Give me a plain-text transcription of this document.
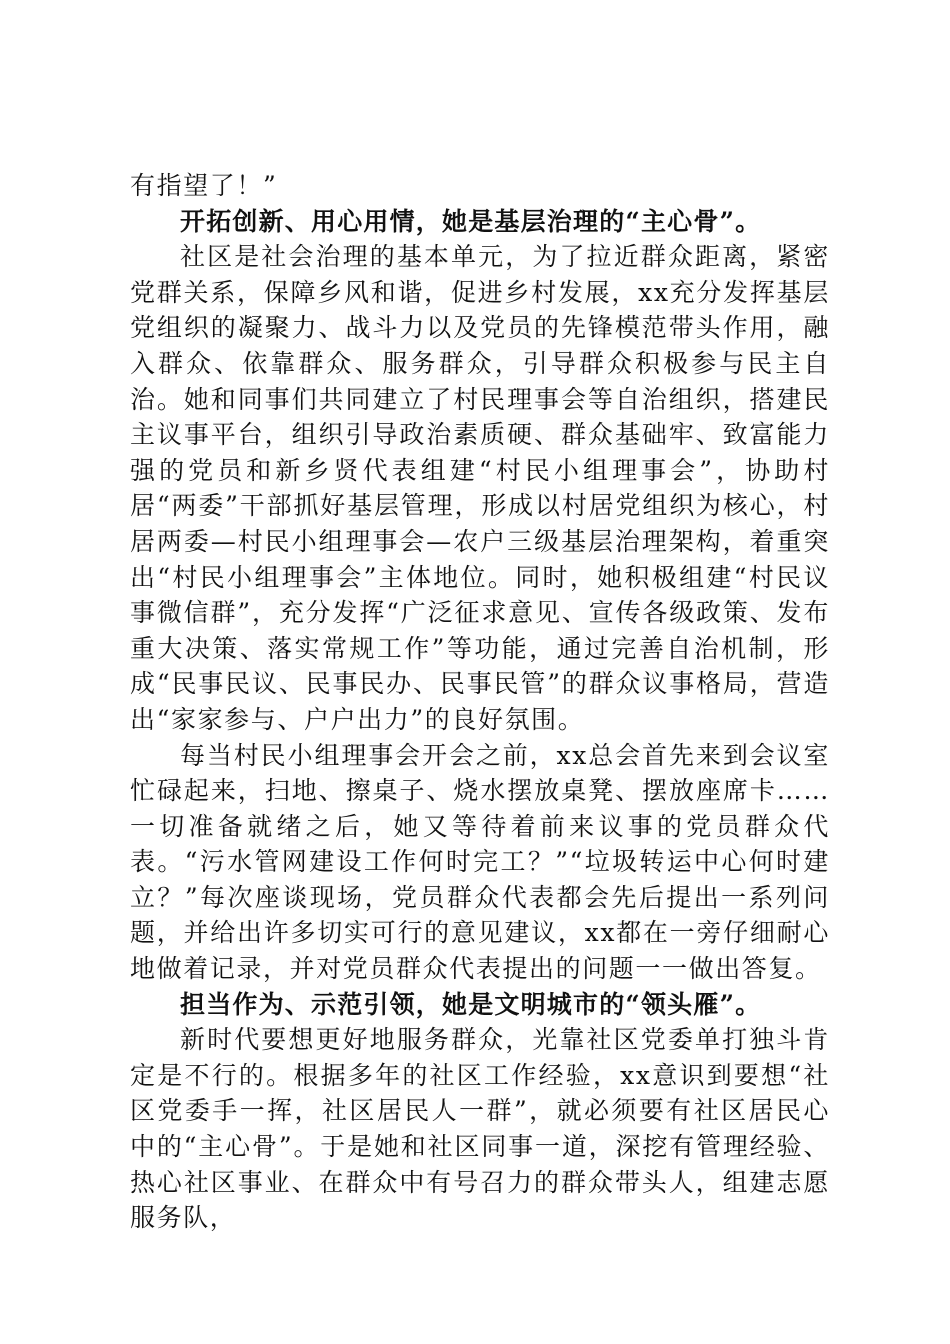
有指望了！”

开拓创新、用心用情，她是基层治理的“主心骨”。

社区是社会治理的基本单元，为了拉近群众距离，紧密党群关系，保障乡风和谐，促进乡村发展，xx充分发挥基层党组织的凝聚力、战斗力以及党员的先锋模范带头作用，融入群众、依靠群众、服务群众，引导群众积极参与民主自治。她和同事们共同建立了村民理事会等自治组织，搭建民主议事平台，组织引导政治素质硬、群众基础牢、致富能力强的党员和新乡贤代表组建“村民小组理事会”，协助村居“两委”干部抓好基层管理，形成以村居党组织为核心，村居两委—村民小组理事会—农户三级基层治理架构，着重突出“村民小组理事会”主体地位。同时，她积极组建“村民议事微信群”，充分发挥“广泛征求意见、宣传各级政策、发布重大决策、落实常规工作”等功能，通过完善自治机制，形成“民事民议、民事民办、民事民管”的群众议事格局，营造出“家家参与、户户出力”的良好氛围。

每当村民小组理事会开会之前，xx总会首先来到会议室忙碌起来，扫地、擦桌子、烧水摆放桌凳、摆放座席卡……一切准备就绪之后，她又等待着前来议事的党员群众代表。“污水管网建设工作何时完工？”“垃圾转运中心何时建立？”每次座谈现场，党员群众代表都会先后提出一系列问题，并给出许多切实可行的意见建议，xx都在一旁仔细耐心地做着记录，并对党员群众代表提出的问题一一做出答复。

担当作为、示范引领，她是文明城市的“领头雁”。

新时代要想更好地服务群众，光靠社区党委单打独斗肯定是不行的。根据多年的社区工作经验，xx意识到要想“社区党委手一挥，社区居民人一群”，就必须要有社区居民心中的“主心骨”。于是她和社区同事一道，深挖有管理经验、热心社区事业、在群众中有号召力的群众带头人，组建志愿服务队，
